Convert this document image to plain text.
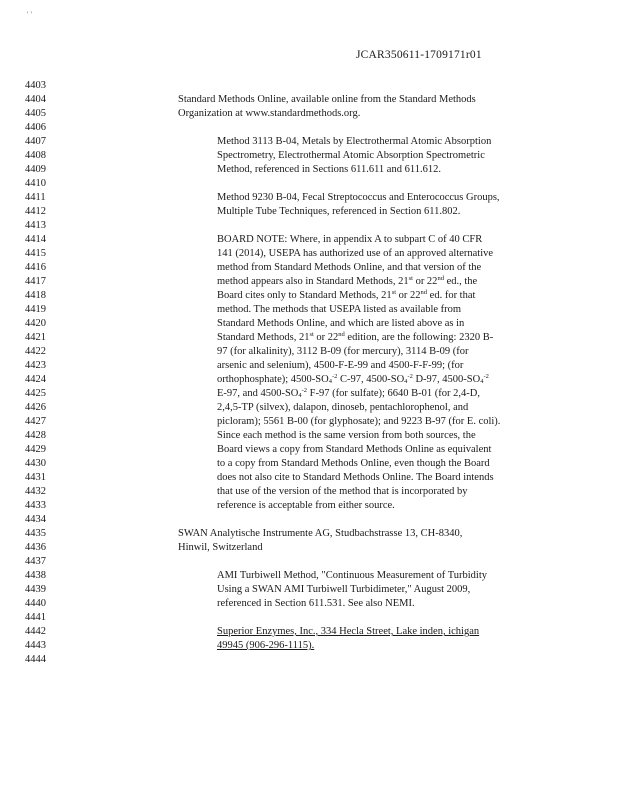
' '
JCAR350611-1709171r01
4403
4404
4405
4406
4407
4408
4409
4410
4411
4412
4413
4414
4415
4416
4417
4418
4419
4420
4421
4422
4423
4424
4425
4426
4427
4428
4429
4430
4431
4432
4433
4434
4435
4436
4437
4438
4439
4440
4441
4442
4443
4444
Standard Methods Online, available online from the Standard Methods
Organization at www.standardmethods.org.
Method 3113 B-04, Metals by Electrothermal Atomic Absorption
Spectrometry, Electrothermal Atomic Absorption Spectrometric
Method, referenced in Sections 611.611 and 611.612.
Method 9230 B-04, Fecal Streptococcus and Enterococcus Groups,
Multiple Tube Techniques, referenced in Section 611.802.
BOARD NOTE: Where, in appendix A to subpart C of 40 CFR
141 (2014), USEPA has authorized use of an approved alternative
method from Standard Methods Online, and that version of the
method appears also in Standard Methods, 21st or 22nd ed., the
Board cites only to Standard Methods, 21st or 22nd ed. for that
method. The methods that USEPA listed as available from
Standard Methods Online, and which are listed above as in
Standard Methods, 21st or 22nd edition, are the following: 2320 B-
97 (for alkalinity), 3112 B-09 (for mercury), 3114 B-09 (for
arsenic and selenium), 4500-F-E-99 and 4500-F-F-99; (for
orthophosphate); $4500-SO_4^{-2}$ C-97, $4500-SO_4^{-2}$ D-97, $4500-SO_4^{-2}$
E-97, and $4500-SO_4^{-2}$ F-97 (for sulfate); 6640 B-01 (for 2,4-D,
2,4,5-TP (silvex), dalapon, dinoseb, pentachlorophenol, and
picloram); 5561 B-00 (for glyphosate); and 9223 B-97 (for E. coli).
Since each method is the same version from both sources, the
Board views a copy from Standard Methods Online as equivalent
to a copy from Standard Methods Online, even though the Board
does not also cite to Standard Methods Online. The Board intends
that use of the version of the method that is incorporated by
reference is acceptable from either source.
SWAN Analytische Instrumente AG, Studbachstrasse 13, CH-8340,
Hinwil, Switzerland
AMI Turbiwell Method, "Continuous Measurement of Turbidity
Using a SWAN AMI Turbiwell Turbidimeter," August 2009,
referenced in Section 611.531. See also NEMI.
Superior Enzymes, Inc., 334 Hecla Street, Lake inden, ichigan
49945 (906-296-1115).
